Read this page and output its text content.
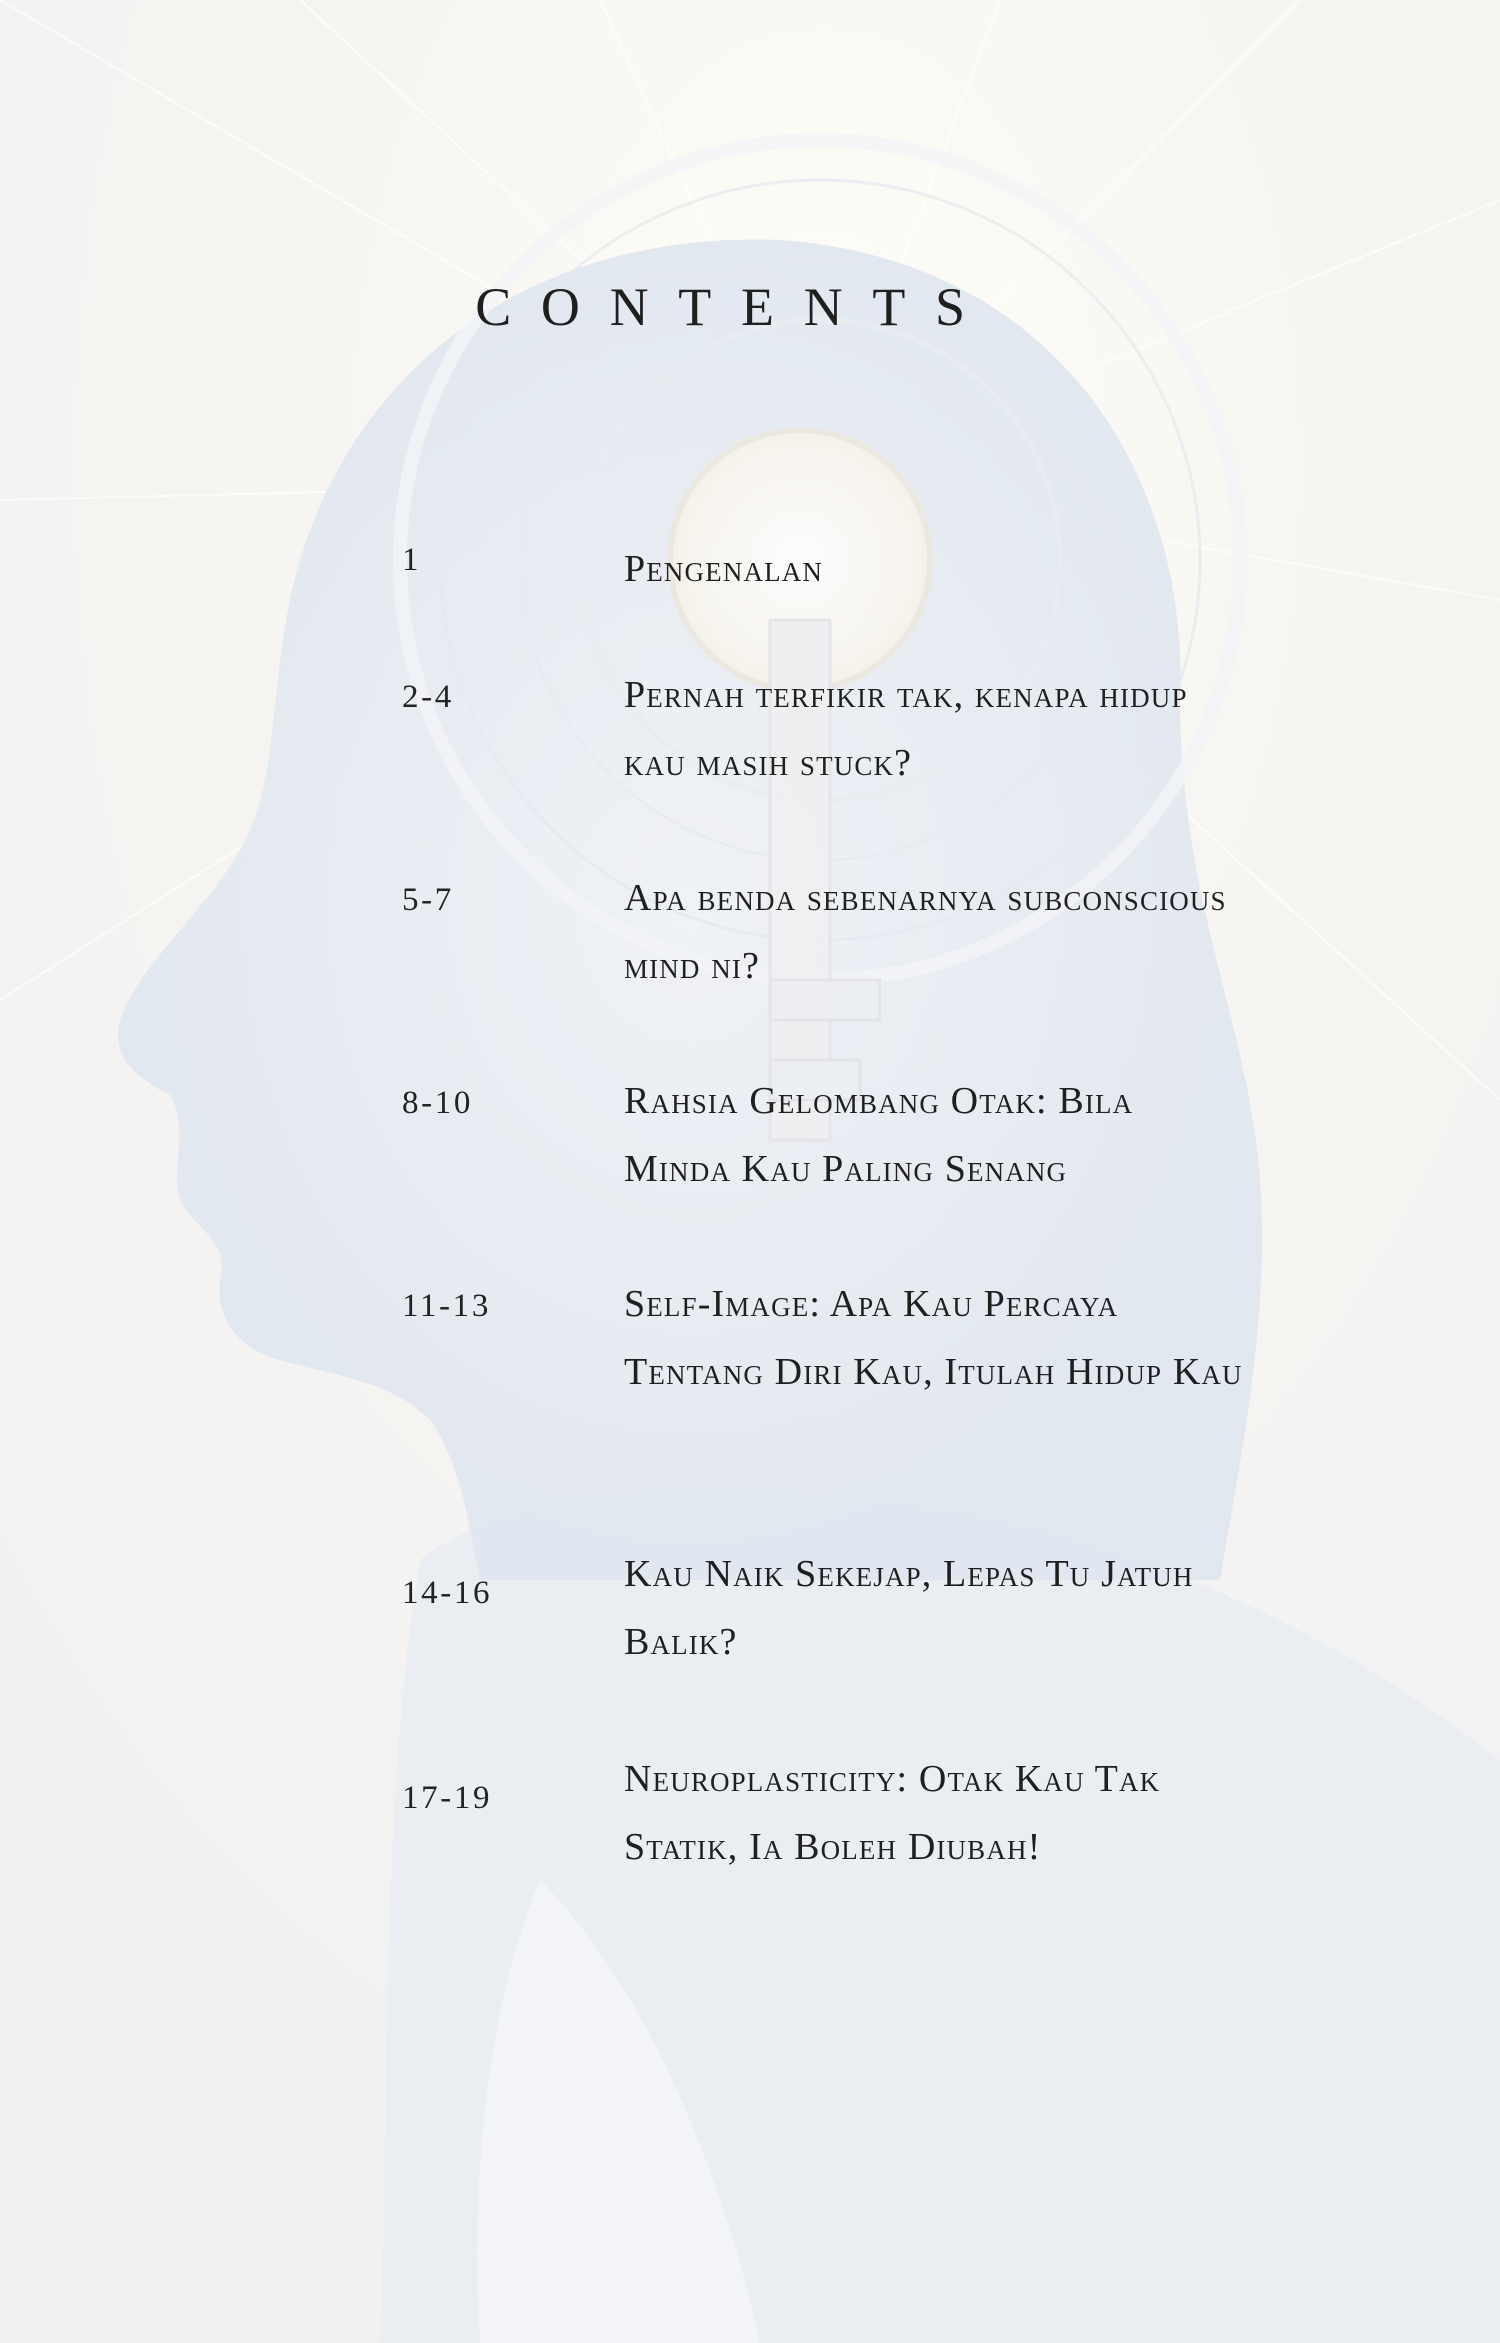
CONTENTS
1	Pengenalan
2-4	Pernah terfikir tak, kenapa hidup kau masih stuck?
5-7	Apa benda sebenarnya subconscious mind ni?
8-10	Rahsia Gelombang Otak: Bila Minda Kau Paling Senang
11-13	Self-Image: Apa Kau Percaya Tentang Diri Kau, Itulah Hidup Kau
14-16	Kau Naik Sekejap, Lepas Tu Jatuh Balik?
17-19	Neuroplasticity: Otak Kau Tak Statik, Ia Boleh Diubah!
